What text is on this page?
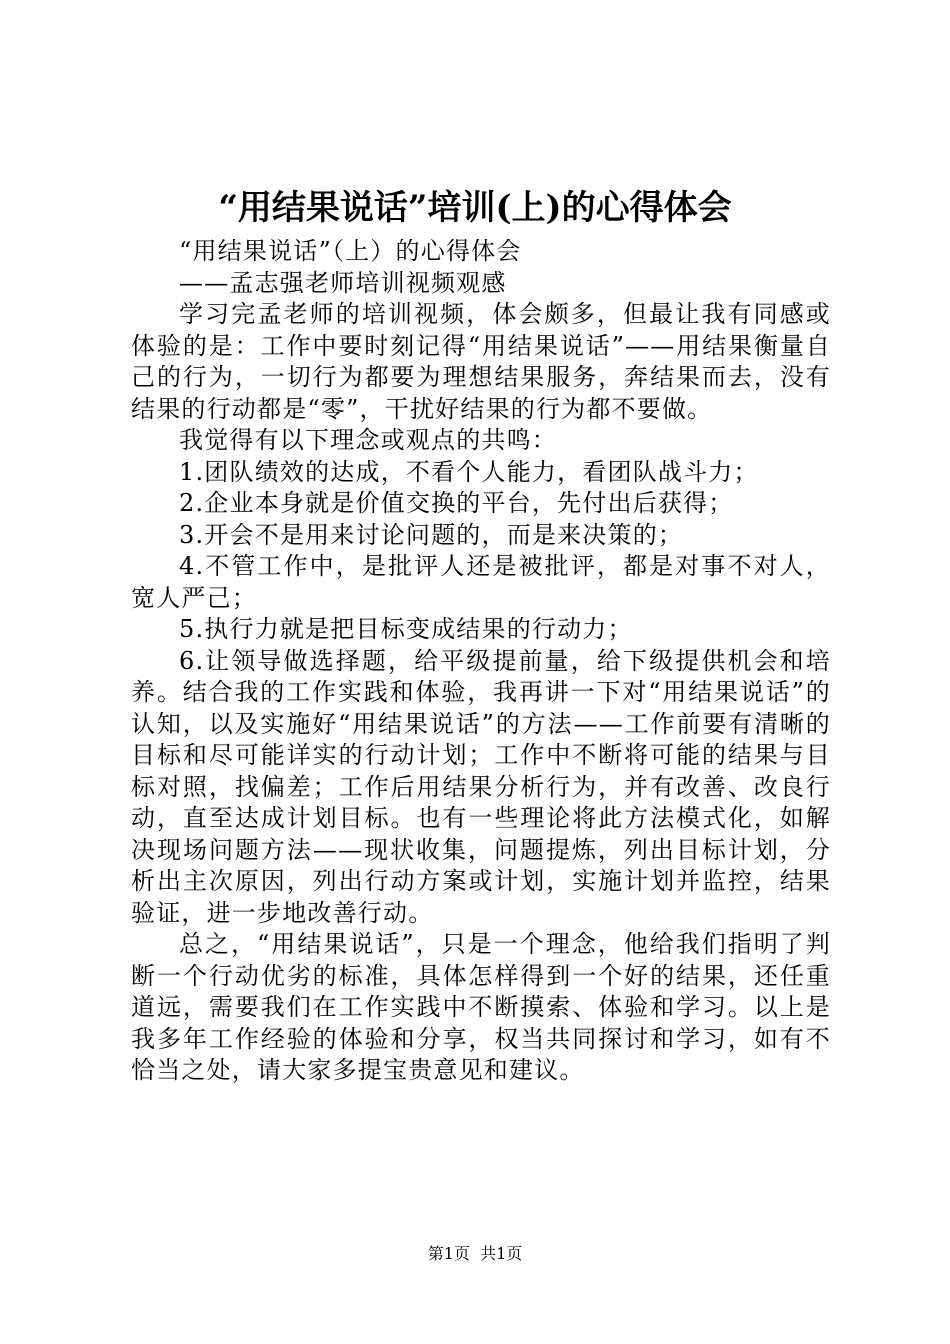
“用结果说话”培训(上)的心得体会

“用结果说话”（上）的心得体会

——孟志强老师培训视频观感

学习完孟老师的培训视频，体会颇多，但最让我有同感或体验的是：工作中要时刻记得“用结果说话”——用结果衡量自己的行为，一切行为都要为理想结果服务，奔结果而去，没有结果的行动都是“零”，干扰好结果的行为都不要做。

我觉得有以下理念或观点的共鸣：

1.团队绩效的达成，不看个人能力，看团队战斗力；

2.企业本身就是价值交换的平台，先付出后获得；

3.开会不是用来讨论问题的，而是来决策的；

4.不管工作中，是批评人还是被批评，都是对事不对人，宽人严己；

5.执行力就是把目标变成结果的行动力；

6.让领导做选择题，给平级提前量，给下级提供机会和培养。结合我的工作实践和体验，我再讲一下对“用结果说话”的认知，以及实施好“用结果说话”的方法——工作前要有清晰的目标和尽可能详实的行动计划；工作中不断将可能的结果与目标对照，找偏差；工作后用结果分析行为，并有改善、改良行动，直至达成计划目标。也有一些理论将此方法模式化，如解决现场问题方法——现状收集，问题提炼，列出目标计划，分析出主次原因，列出行动方案或计划，实施计划并监控，结果验证，进一步地改善行动。

总之，“用结果说话”，只是一个理念，他给我们指明了判断一个行动优劣的标准，具体怎样得到一个好的结果，还任重道远，需要我们在工作实践中不断摸索、体验和学习。以上是我多年工作经验的体验和分享，权当共同探讨和学习，如有不恰当之处，请大家多提宝贵意见和建议。

第1页  共1页
